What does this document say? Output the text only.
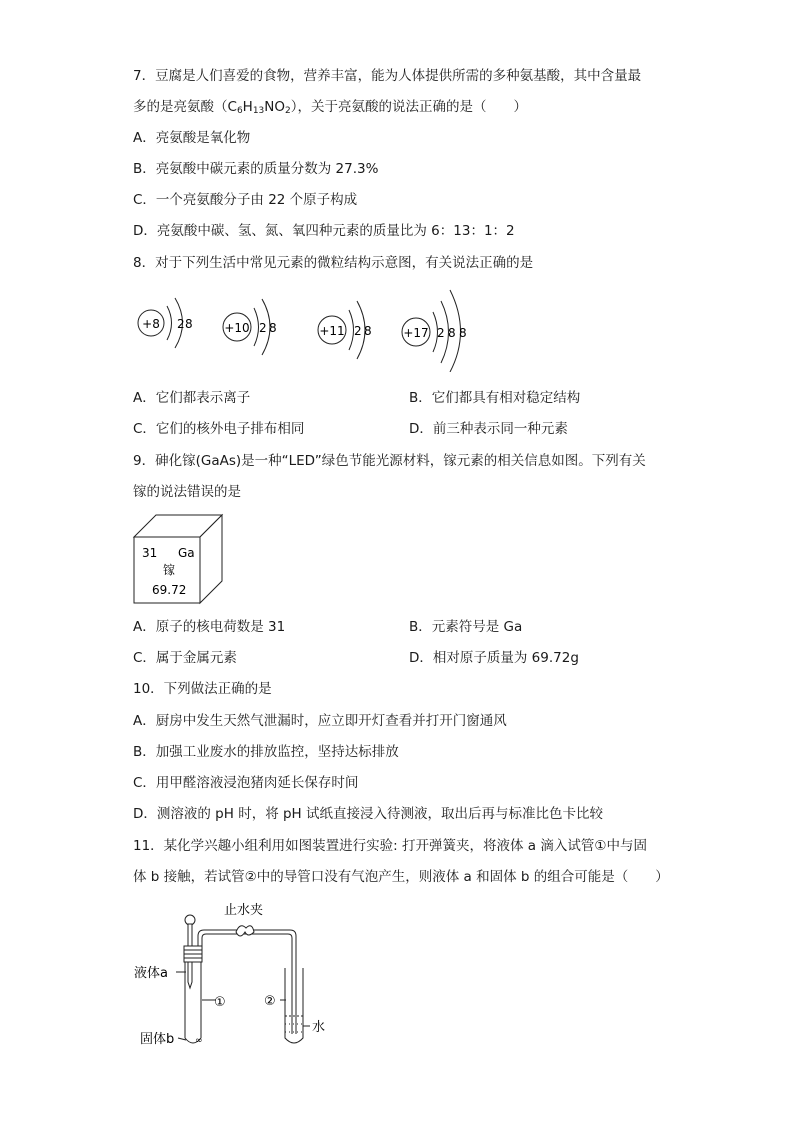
7．豆腐是人们喜爱的食物，营养丰富，能为人体提供所需的多种氨基酸，其中含量最
多的是亮氨酸$(C_6H_{13}NO_2)$，关于亮氨酸的说法正确的是（　　）
A．亮氨酸是氧化物
B．亮氨酸中碳元素的质量分数为 27.3%
C．一个亮氨酸分子由 22 个原子构成
D．亮氨酸中碳、氢、氮、氧四种元素的质量比为 6：13：1：2
8．对于下列生活中常见元素的微粒结构示意图，有关说法正确的是
+8 2 8	+10 2 8	+11 2 8	+17 2 8 8
A．它们都表示离子	B．它们都具有相对稳定结构
C．它们的核外电子排布相同	D．前三种表示同一种元素
9．砷化镓(GaAs)是一种“LED”绿色节能光源材料，镓元素的相关信息如图。下列有关
镓的说法错误的是
31 Ga
镓
69.72
A．原子的核电荷数是 31	B．元素符号是 Ga
C．属于金属元素	D．相对原子质量为 69.72g
10．下列做法正确的是
A．厨房中发生天然气泄漏时，应立即开灯查看并打开门窗通风
B．加强工业废水的排放监控，坚持达标排放
C．用甲醛溶液浸泡猪肉延长保存时间
D．测溶液的 pH 时，将 pH 试纸直接浸入待测液，取出后再与标准比色卡比较
11．某化学兴趣小组利用如图装置进行实验: 打开弹簧夹，将液体 a 滴入试管①中与固
体 b 接触，若试管②中的导管口没有气泡产生，则液体 a 和固体 b 的组合可能是（　　）
止水夹
∞
液体a
固体b
①	②
水
